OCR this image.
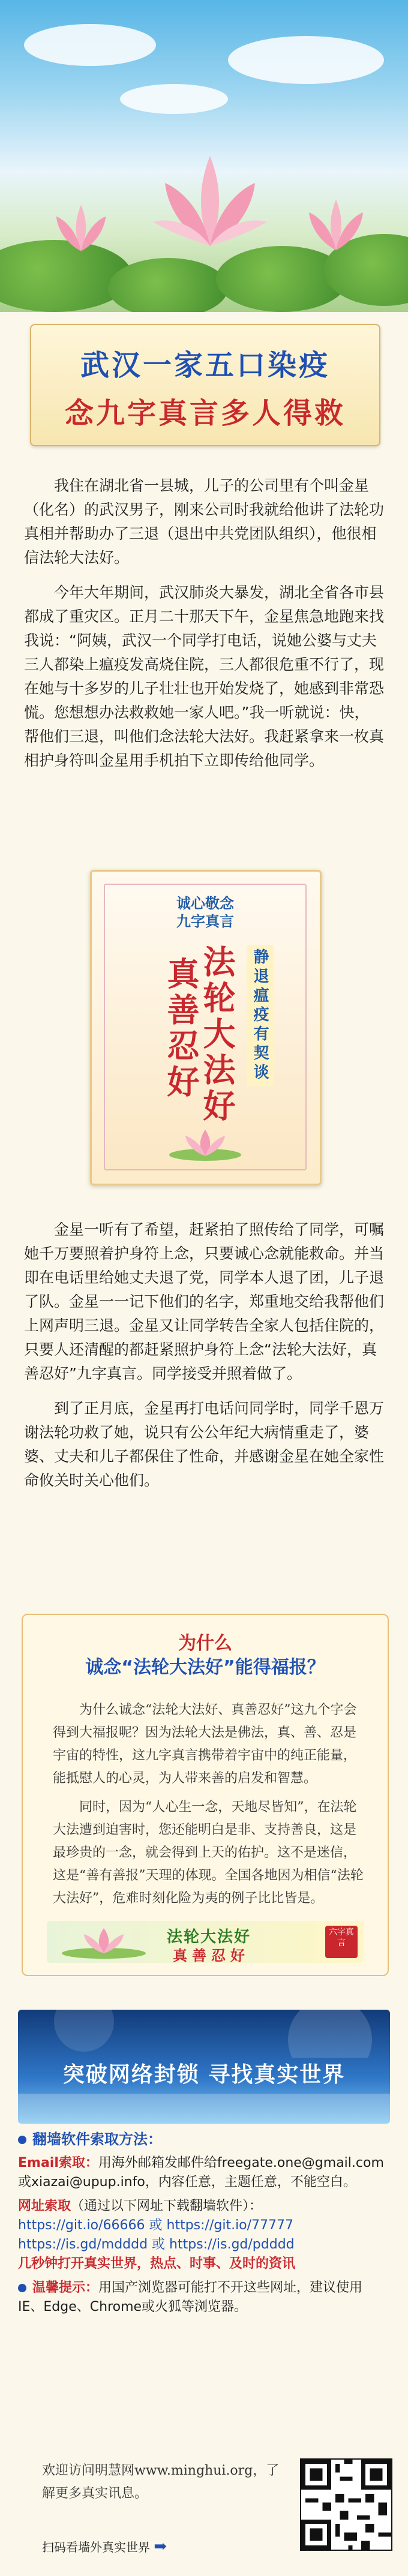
武汉一家五口染疫
念九字真言多人得救

我住在湖北省一县城，儿子的公司里有个叫金星（化名）的武汉男子，刚来公司时我就给他讲了法轮功真相并帮助办了三退（退出中共党团队组织），他很相信法轮大法好。

今年大年期间，武汉肺炎大暴发，湖北全省各市县都成了重灾区。正月二十那天下午，金星焦急地跑来找我说：“阿姨，武汉一个同学打电话，说她公婆与丈夫三人都染上瘟疫发高烧住院，三人都很危重不行了，现在她与十多岁的儿子壮壮也开始发烧了，她感到非常恐慌。您想想办法救救她一家人吧。”我一听就说：快，帮他们三退，叫他们念法轮大法好。我赶紧拿来一枚真相护身符叫金星用手机拍下立即传给他同学。

诚心敬念
九字真言
法轮大法好
真善忍好	静退瘟疫有契谈

金星一听有了希望，赶紧拍了照传给了同学，可嘱她千万要照着护身符上念，只要诚心念就能救命。并当即在电话里给她丈夫退了党，同学本人退了团，儿子退了队。金星一一记下他们的名字，郑重地交给我帮他们上网声明三退。金星又让同学转告全家人包括住院的，只要人还清醒的都赶紧照护身符上念“法轮大法好，真善忍好”九字真言。同学接受并照着做了。

到了正月底，金星再打电话问同学时，同学千恩万谢法轮功救了她，说只有公公年纪大病情重走了，婆婆、丈夫和儿子都保住了性命，并感谢金星在她全家性命攸关时关心他们。

为什么
诚念“法轮大法好”能得福报？

为什么诚念“法轮大法好、真善忍好”这九个字会得到大福报呢？因为法轮大法是佛法，真、善、忍是宇宙的特性，这九字真言携带着宇宙中的纯正能量，能抵慰人的心灵，为人带来善的启发和智慧。

同时，因为“人心生一念，天地尽皆知”，在法轮大法遭到迫害时，您还能明白是非、支持善良，这是最珍贵的一念，就会得到上天的佑护。这不是迷信，这是“善有善报”天理的体现。全国各地因为相信“法轮大法好”，危难时刻化险为夷的例子比比皆是。

法轮大法好
真善忍好
六字真言
突破网络封锁 寻找真实世界
翻墙软件索取方法：
Email索取：用海外邮箱发邮件给freegate.one@gmail.com或xiazai@upup.info，内容任意，主题任意，不能空白。
网址索取（通过以下网址下载翻墙软件）：
https://git.io/66666 或 https://git.io/77777
https://is.gd/mdddd 或 https://is.gd/pdddd
几秒钟打开真实世界，热点、时事、及时的资讯
温馨提示：用国产浏览器可能打不开这些网址，建议使用 IE、Edge、Chrome或火狐等浏览器。
欢迎访问明慧网www.minghui.org，了解更多真实讯息。
扫码看墙外真实世界 ➡
